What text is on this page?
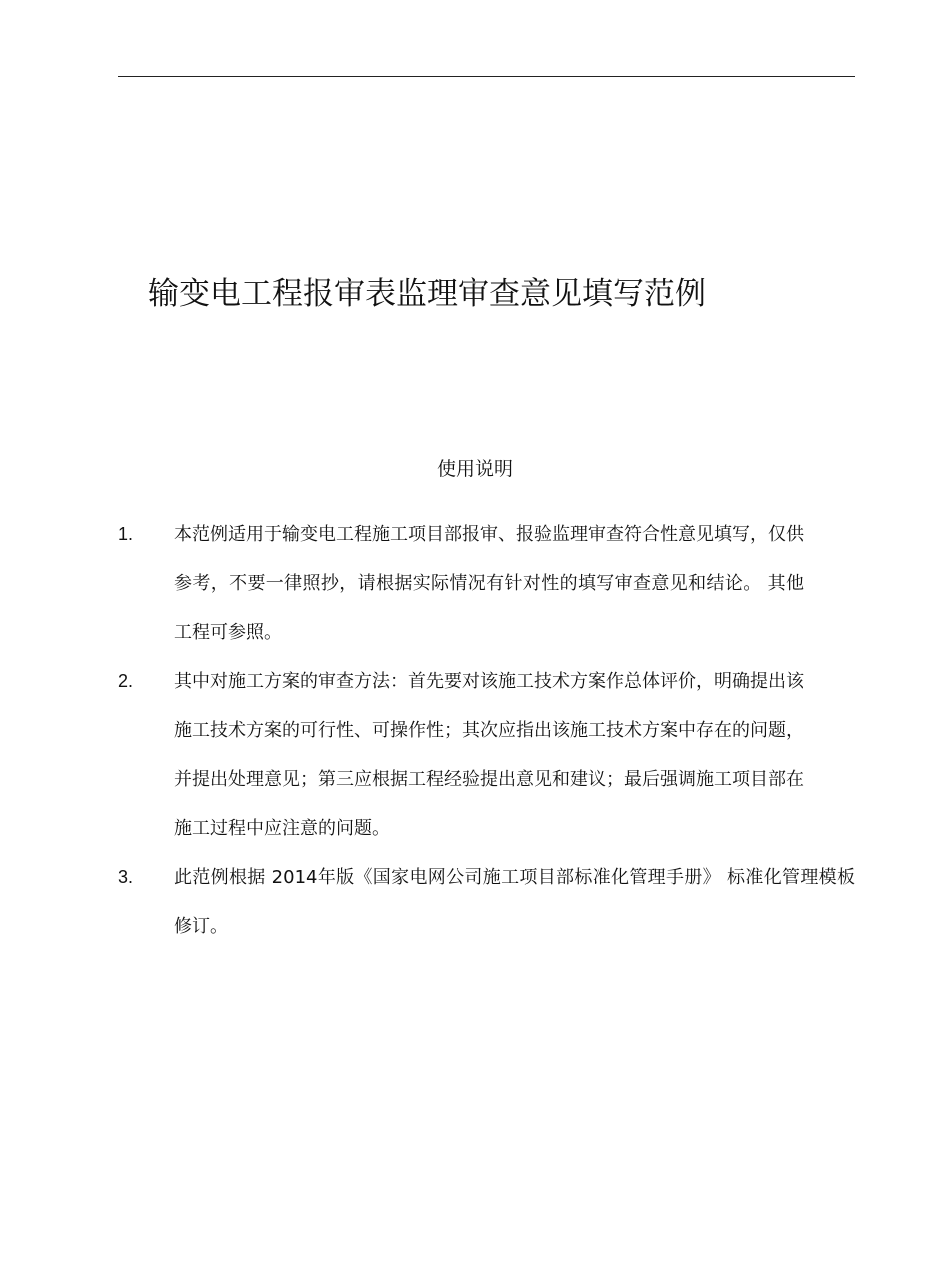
输变电工程报审表监理审查意见填写范例
使用说明
1.	本范例适用于输变电工程施工项目部报审、报验监理审查符合性意见填写，仅供参考，不要一律照抄，请根据实际情况有针对性的填写审查意见和结论。 其他工程可参照。
2.	其中对施工方案的审查方法：首先要对该施工技术方案作总体评价，明确提出该施工技术方案的可行性、可操作性；其次应指出该施工技术方案中存在的问题，并提出处理意见；第三应根据工程经验提出意见和建议；最后强调施工项目部在施工过程中应注意的问题。
3.	此范例根据 2014年版《国家电网公司施工项目部标准化管理手册》 标准化管理模板修订。
